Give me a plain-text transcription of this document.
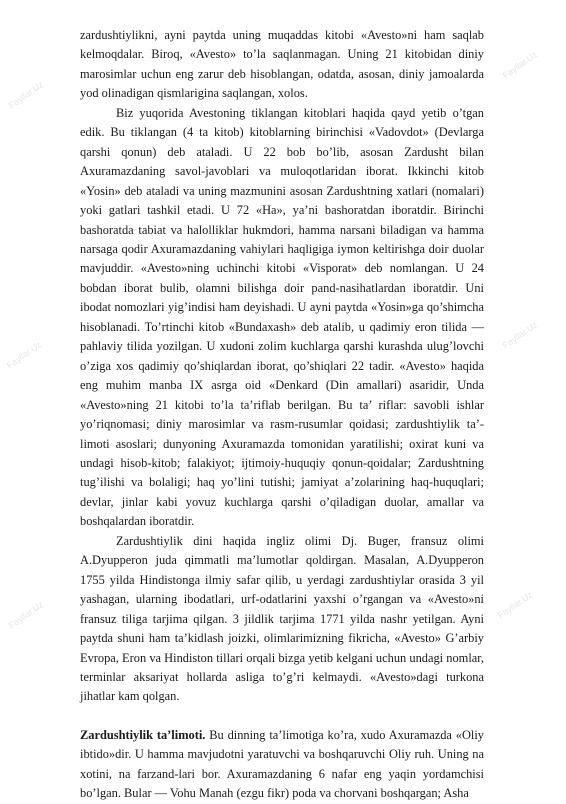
zardushtiylikni, ayni paytda uning muqaddas kitobi «Avesto»ni ham saqlab kelmoqdalar. Biroq, «Avesto» to’la saqlanmagan. Uning 21 kitobidan diniy marosimlar uchun eng zarur deb hisoblangan, odatda, asosan, diniy jamoalarda yod olinadigan qismlarigina saqlangan, xolos.

Biz yuqorida Avestoning tiklangan kitoblari haqida qayd yetib o’tgan edik. Bu tiklangan (4 ta kitob) kitoblarning birinchisi «Vadovdot» (Devlarga qarshi qonun) deb ataladi. U 22 bob bo’lib, asosan Zardusht bilan Axuramazdaning savol-javoblari va muloqotlaridan iborat. Ikkinchi kitob «Yosin» deb ataladi va uning mazmunini asosan Zardushtning xatlari (nomalari) yoki gatlari tashkil etadi. U 72 «Ha», ya’ni bashoratdan iboratdir. Birinchi bashoratda tabiat va halolliklar hukmdori, hamma narsani biladigan va hamma narsaga qodir Axuramazdaning vahiylari haqligiga iymon keltirishga doir duolar mavjuddir. «Avesto»ning uchinchi kitobi «Visporat» deb nomlangan. U 24 bobdan iborat bulib, olamni bilishga doir pand-nasihatlardan iboratdir. Uni ibodat nomozlari yig’indisi ham deyishadi. U ayni paytda «Yosin»ga qo’shimcha hisoblanadi. To’rtinchi kitob «Bundaxash» deb atalib, u qadimiy eron tilida — pahlaviy tilida yozilgan. U xudoni zolim kuchlarga qarshi kurashda ulug’lovchi o’ziga xos qadimiy qo’shiqlardan iborat, qo’shiqlari 22 tadir. «Avesto» haqida eng muhim manba IX asrga oid «Denkard (Din amallari) asaridir, Unda «Avesto»ning 21 kitobi to’la ta’riflab berilgan. Bu ta’ riflar: savobli ishlar yo’riqnomasi; diniy marosimlar va rasm-rusumlar qoidasi; zardushtiylik ta’-limoti asoslari; dunyoning Axuramazda tomonidan yaratilishi; oxirat kuni va undagi hisob-kitob; falakiyot; ijtimoiy-huquqiy qonun-qoidalar; Zardushtning tug’ilishi va bolaligi; haq yo’lini tutishi; jamiyat a’zolarining haq-huquqlari; devlar, jinlar kabi yovuz kuchlarga qarshi o’qiladigan duolar, amallar va boshqalardan iboratdir.

Zardushtiylik dini haqida ingliz olimi Dj. Buger, fransuz olimi A.Dyupperon juda qimmatli ma’lumotlar qoldirgan. Masalan, A.Dyupperon 1755 yilda Hindistonga ilmiy safar qilib, u yerdagi zardushtiylar orasida 3 yil yashagan, ularning ibodatlari, urf-odatlarini yaxshi o’rgangan va «Avesto»ni fransuz tiliga tarjima qilgan. 3 jildlik tarjima 1771 yilda nashr yetilgan. Ayni paytda shuni ham ta’kidlash joizki, olimlarimizning fikricha, «Avesto» G’arbiy Evropa, Eron va Hindiston tillari orqali bizga yetib kelgani uchun undagi nomlar, terminlar aksariyat hollarda asliga to’g’ri kelmaydi. «Avesto»dagi turkona jihatlar kam qolgan.

Zardushtiylik ta’limoti. Bu dinning ta’limotiga ko’ra, xudo Axuramazda «Oliy ibtido»dir. U hamma mavjudotni yaratuvchi va boshqaruvchi Oliy ruh. Uning na xotini, na farzand-lari bor. Axuramazdaning 6 nafar eng yaqin yordamchisi bo’lgan. Bular — Vohu Manah (ezgu fikr) poda va chorvani boshqargan; Asha

Fayllar.Uz
Fayllar.Uz
Fayllar.Uz
Fayllar.Uz
Fayllar.Uz	Fayllar.Uz
